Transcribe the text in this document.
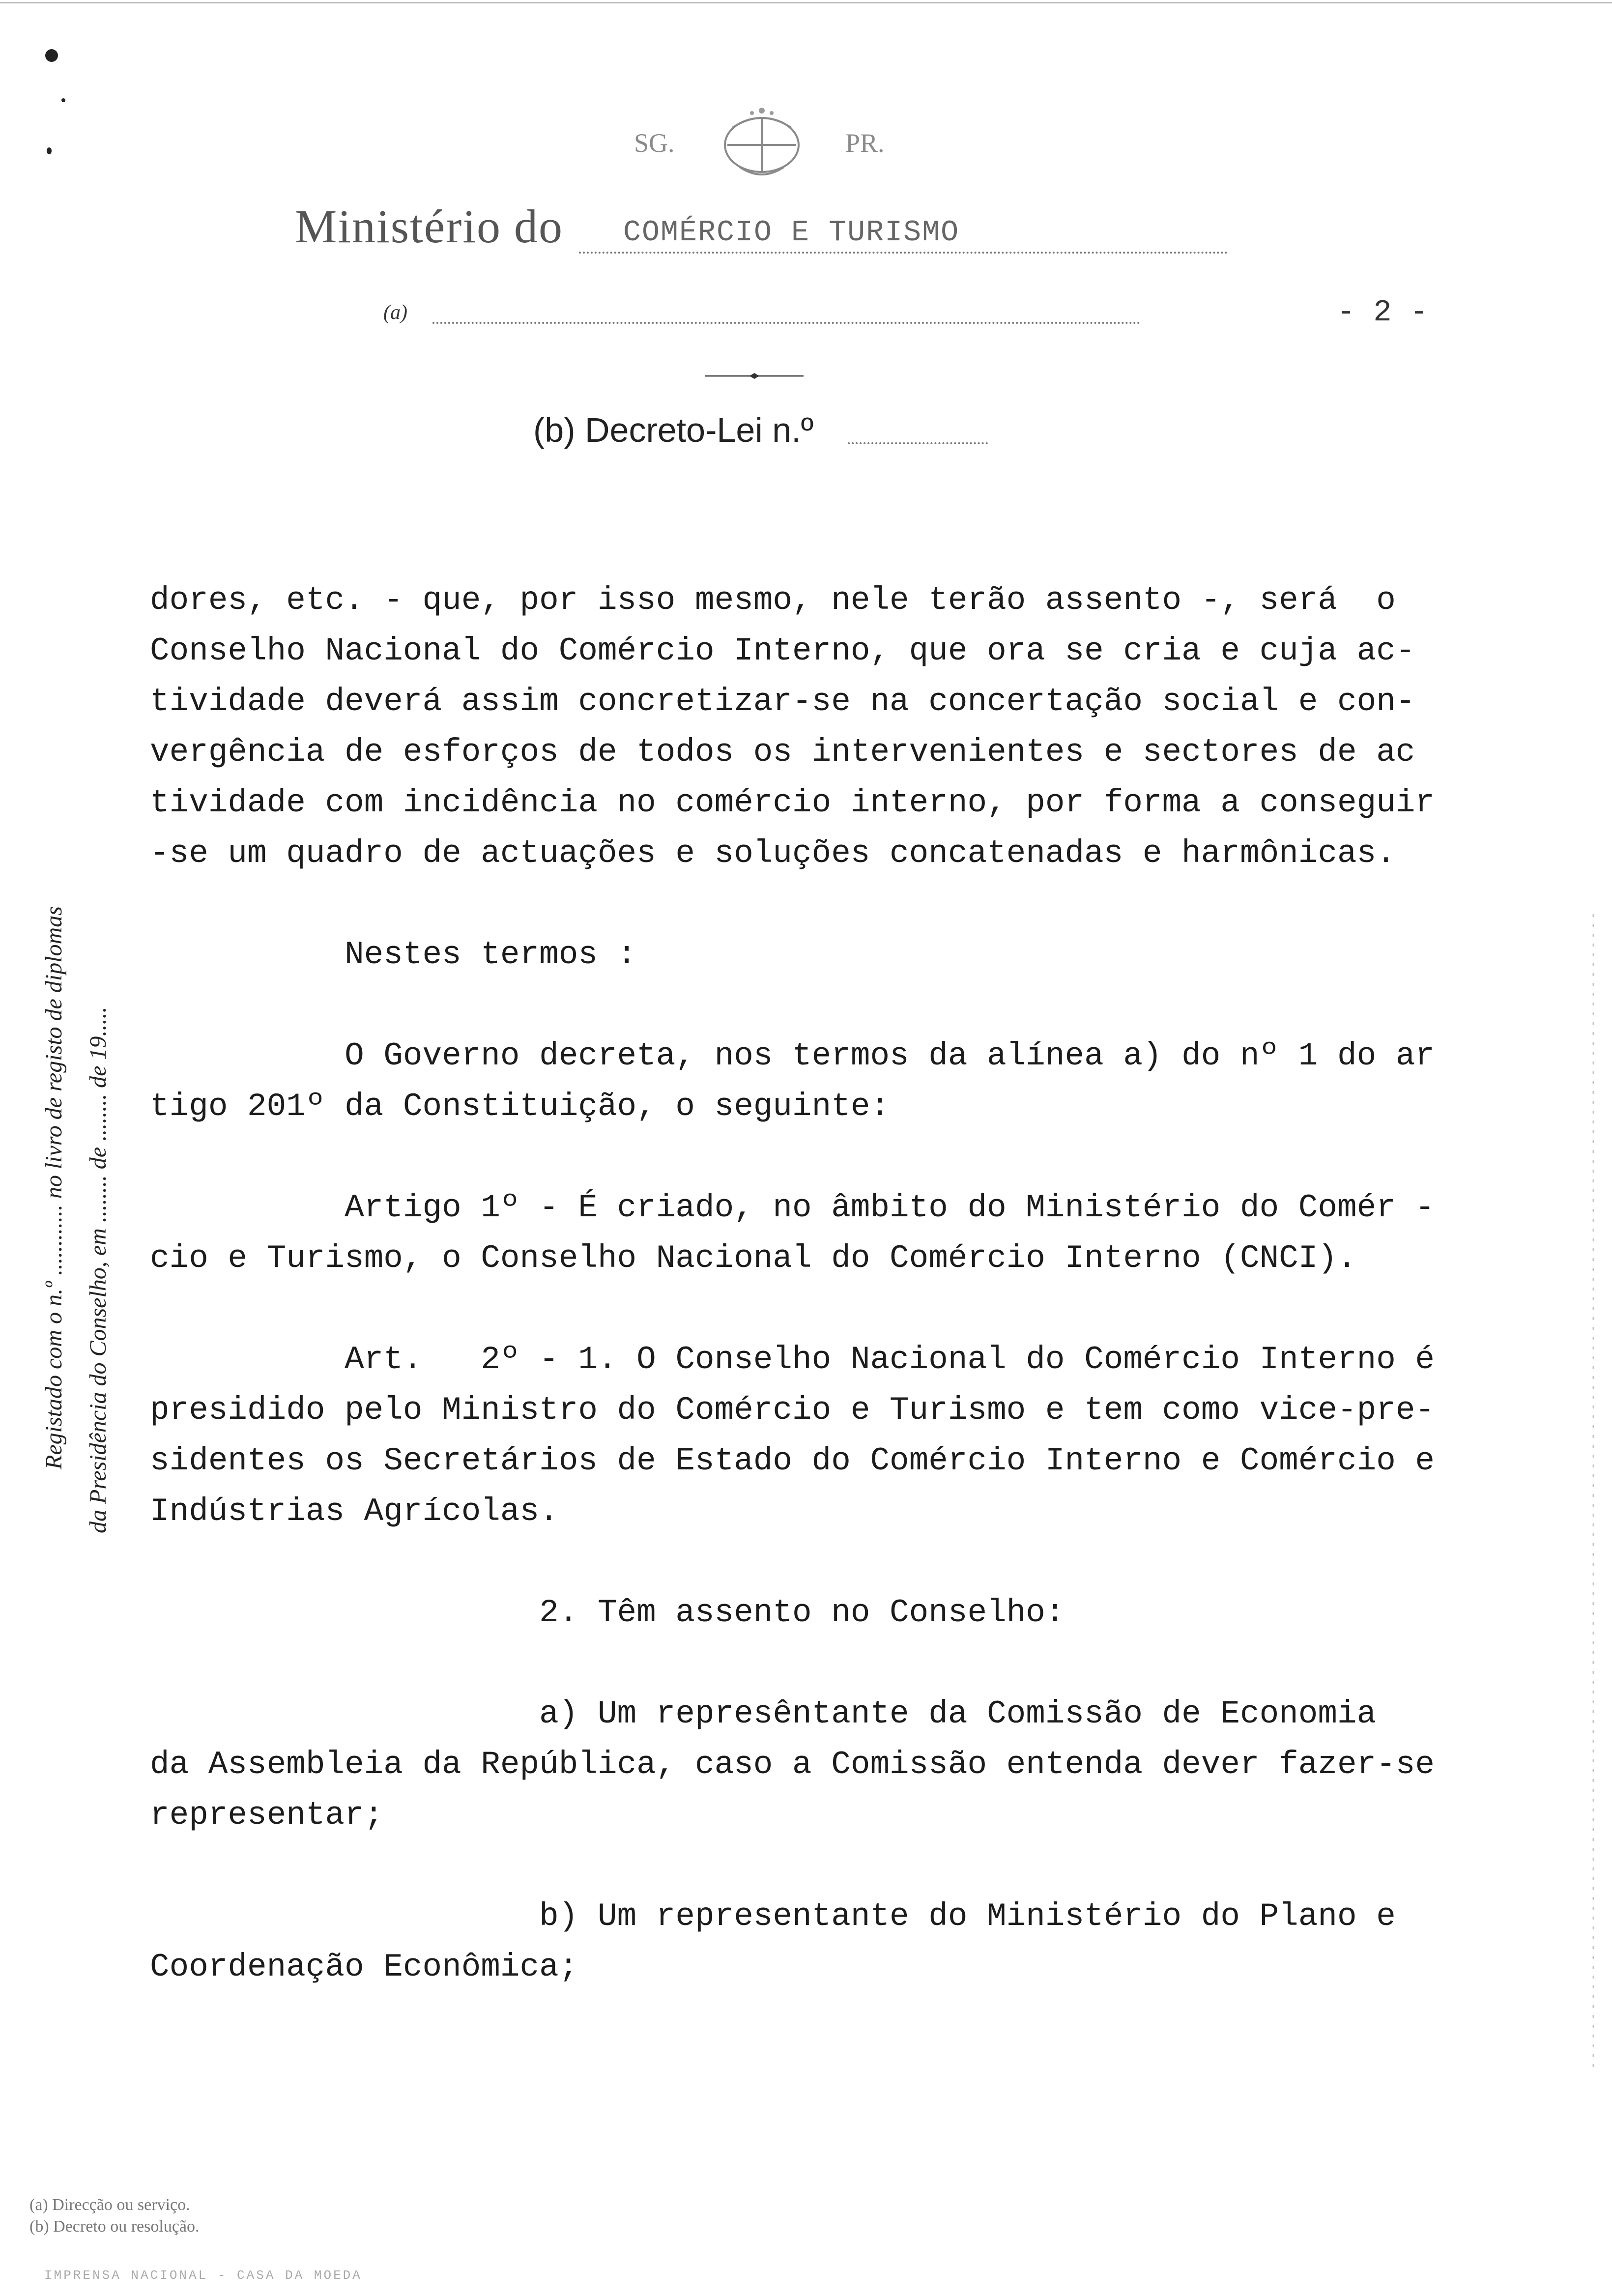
SG.	PR.
Ministério do COMÉRCIO E TURISMO
(a)	- 2 -
(b) Decreto-Lei n.º
Registado com o n.º ............ no livro de registo de diplomas da Presidência do Conselho, em ........ de ........ de 19.....
dores, etc. - que, por isso mesmo, nele terão assento -, será  o
Conselho Nacional do Comércio Interno, que ora se cria e cuja ac-
tividade deverá assim concretizar-se na concertação social e con-
vergência de esforços de todos os intervenientes e sectores de ac
tividade com incidência no comércio interno, por forma a conseguir
-se um quadro de actuações e soluções concatenadas e harmônicas.

Nestes termos :

O Governo decreta, nos termos da alínea a) do nº 1 do ar
tigo 201º da Constituição, o seguinte:

Artigo 1º - É criado, no âmbito do Ministério do Comér -
cio e Turismo, o Conselho Nacional do Comércio Interno (CNCI).

Art.   2º - 1. O Conselho Nacional do Comércio Interno é
presidido pelo Ministro do Comércio e Turismo e tem como vice-pre-
sidentes os Secretários de Estado do Comércio Interno e Comércio e
Indústrias Agrícolas.

2. Têm assento no Conselho:

a) Um represêntante da Comissão de Economia
da Assembleia da República, caso a Comissão entenda dever fazer-se
representar;

b) Um representante do Ministério do Plano e
Coordenação Econômica;
(a) Direcção ou serviço.
(b) Decreto ou resolução.
IMPRENSA NACIONAL - CASA DA MOEDA
